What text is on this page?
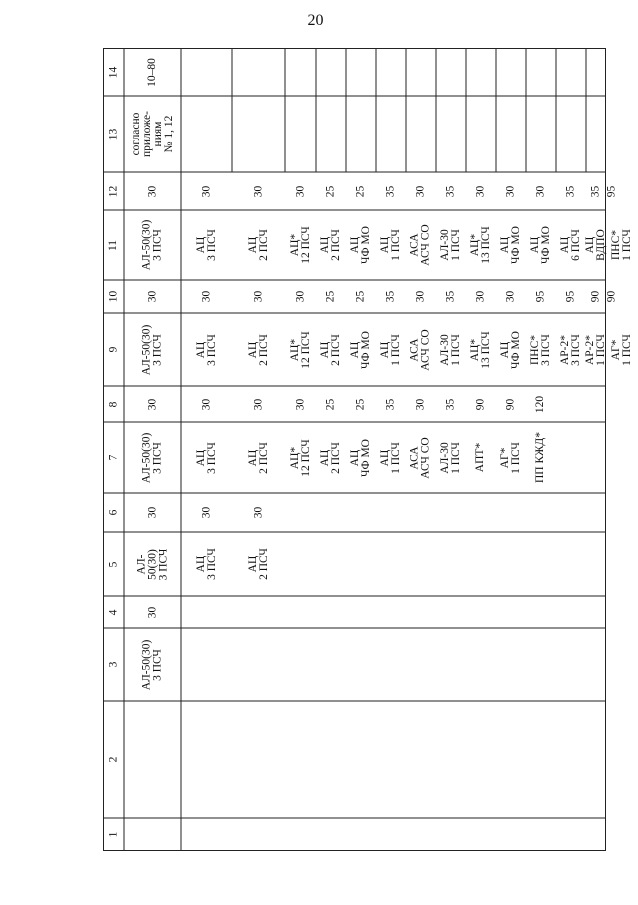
20
1
2
3
4
5
6
7
8
9
10
11
12
13
14
АЛ-50(30)
3 ПСЧ
30
АЛ-
50(30)
3 ПСЧ
30
АЛ-50(30)
3 ПСЧ
30
АЛ-50(30)
3 ПСЧ
30
АЛ-50(30)
3 ПСЧ
30
согласно
приложе-
ниям
№ 1, 12
10–80
АЦ
3 ПСЧ
30
АЦ
2 ПСЧ
30
АЦ
3 ПСЧ
30
АЦ
2 ПСЧ
30
АЦ*
12 ПСЧ
30
АЦ
2 ПСЧ
25
АЦ
ЧФ МО
25
АЦ
1 ПСЧ
35
АСА
АСЧ СО
30
АЛ-30
1 ПСЧ
35
АПТ*
90
АГ*
1 ПСЧ
90
ПП КЖД*
120
АЦ
3 ПСЧ
30
АЦ
2 ПСЧ
30
АЦ*
12 ПСЧ
30
АЦ
2 ПСЧ
25
АЦ
ЧФ МО
25
АЦ
1 ПСЧ
35
АСА
АСЧ СО
30
АЛ-30
1 ПСЧ
35
АЦ*
13 ПСЧ
30
АЦ
ЧФ МО
30
ПНС*
3 ПСЧ
95
АР-2*
3 ПСЧ
95
АР-2*
1 ПСЧ
90
АГ*
1 ПСЧ
90
АЦ
3 ПСЧ
30
АЦ
2 ПСЧ
30
АЦ*
12 ПСЧ
30
АЦ
2 ПСЧ
25
АЦ
ЧФ МО
25
АЦ
1 ПСЧ
35
АСА
АСЧ СО
30
АЛ-30
1 ПСЧ
35
АЦ*
13 ПСЧ
30
АЦ
ЧФ МО
30
АЦ
ЧФ МО
30
АЦ
6 ПСЧ
35
АЦ
ВДПО
35
ПНС*
1 ПСЧ
95
